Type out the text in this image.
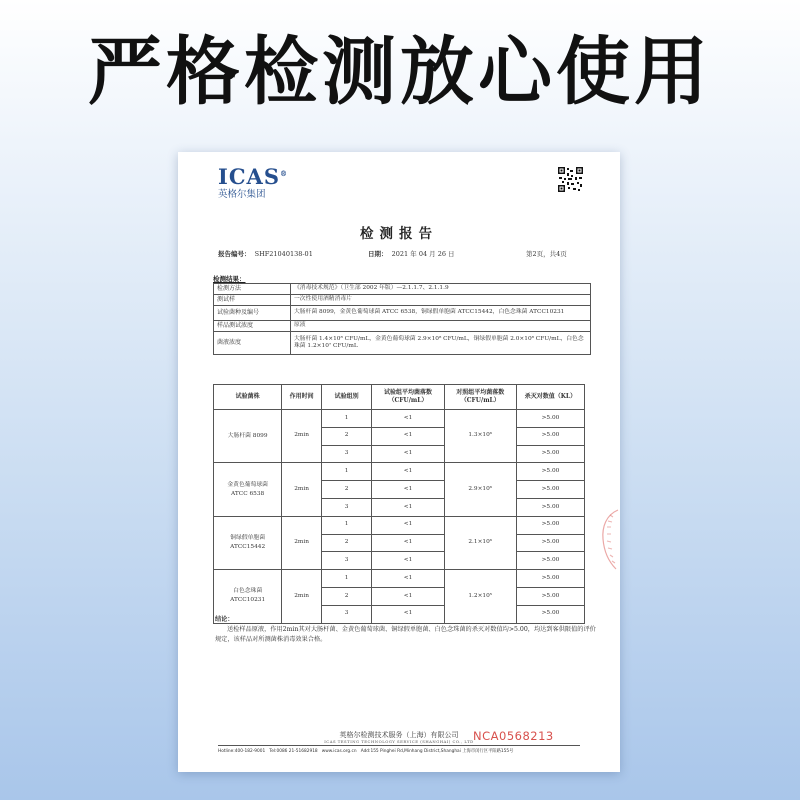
严格检测放心使用
ICAS®
英格尔集团
检测报告
报告编号： SHF21040138-01	日期： 2021 年 04 月 26 日	第2页，共4页
检测结果：
检测方法	《消毒技术规范》（卫生部 2002 年版）—2.1.1.7、2.1.1.9
测试样	一次性使用酒精消毒片
试验菌种及编号	大肠杆菌 8099，金黄色葡萄球菌 ATCC 6538，铜绿假单胞菌 ATCC15442，白色念珠菌 ATCC10231
样品测试浓度	原液
菌液浓度	大肠杆菌 1.4×10⁸ CFU/mL，金黄色葡萄球菌 2.9×10⁸ CFU/mL，铜绿假单胞菌 2.0×10⁸ CFU/mL，白色念珠菌 1.2×10⁷ CFU/mL
试验菌株	作用时间	试验组别	试验组平均菌落数（CFU/mL）	对照组平均菌落数（CFU/mL）	杀灭对数值（KL）

大肠杆菌 8099	2min	1	<1	1.3×10⁶	>5.00
		2	<1		>5.00
		3	<1		>5.00

金黄色葡萄球菌
ATCC 6538	2min	1	<1	2.9×10⁶	>5.00
		2	<1		>5.00
		3	<1		>5.00

铜绿假单胞菌
ATCC15442	2min	1	<1	2.1×10⁶	>5.00
		2	<1		>5.00
		3	<1		>5.00

白色念珠菌
ATCC10231	2min	1	<1	1.2×10⁵	>5.00
		2	<1		>5.00
		3	<1		>5.00
结论：
送检样品原液，作用2min其对大肠杆菌、金黄色葡萄球菌、铜绿假单胞菌、白色念珠菌的杀灭对数值均>5.00，均达到客供限值的评价规定，该样品对所测菌株消毒效果合格。
英格尔检测技术服务（上海）有限公司
ICAS TESTING TECHNOLOGY SERVICE (SHANGHAI) CO., LTD
Hotline:400-182-9001 Tel:0086 21-51682918 www.icas.org.cn Add:155 Pinghei Rd,Minhang District,Shanghai 上海市闵行区平阳路155号
NCA0568213
